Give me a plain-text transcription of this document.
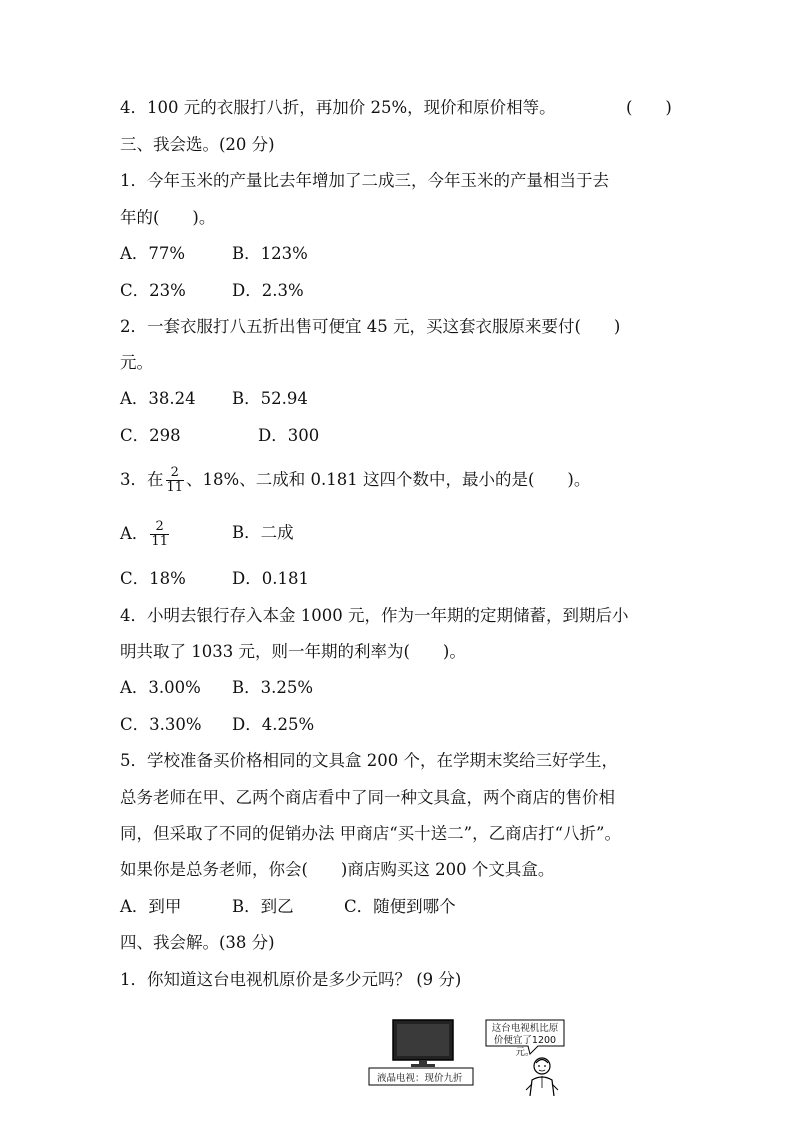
4．100 元的衣服打八折，再加价 25%，现价和原价相等。	(　　)
三、我会选。(20 分)
1．今年玉米的产量比去年增加了二成三，今年玉米的产量相当于去
年的(　　)。
A．77%	B．123%
C．23%	D．2.3%
2．一套衣服打八五折出售可便宜 45 元，买这套衣服原来要付(　　)
元。
A．38.24 B．52.94
C．298	D．300
3．在 $\frac{2}{11}$ 、18%、二成和 0.181 这四个数中，最小的是(　　)。
A． $\frac{2}{11}$	B．二成
C．18%	D．0.181
4．小明去银行存入本金 1000 元，作为一年期的定期储蓄，到期后小
明共取了 1033 元，则一年期的利率为(　　)。
A．3.00% B．3.25%
C．3.30% D．4.25%
5．学校准备买价格相同的文具盒 200 个，在学期末奖给三好学生，
总务老师在甲、乙两个商店看中了同一种文具盒，两个商店的售价相
同，但采取了不同的促销办法 甲商店“买十送二”，乙商店打“八折”。
如果你是总务老师，你会(　　)商店购买这 200 个文具盒。
A．到甲	B．到乙	C．随便到哪个
四、我会解。(38 分)
1．你知道这台电视机原价是多少元吗？ (9 分)
液晶电视：现价九折
这台电视机比原
价便宜了1200元。
